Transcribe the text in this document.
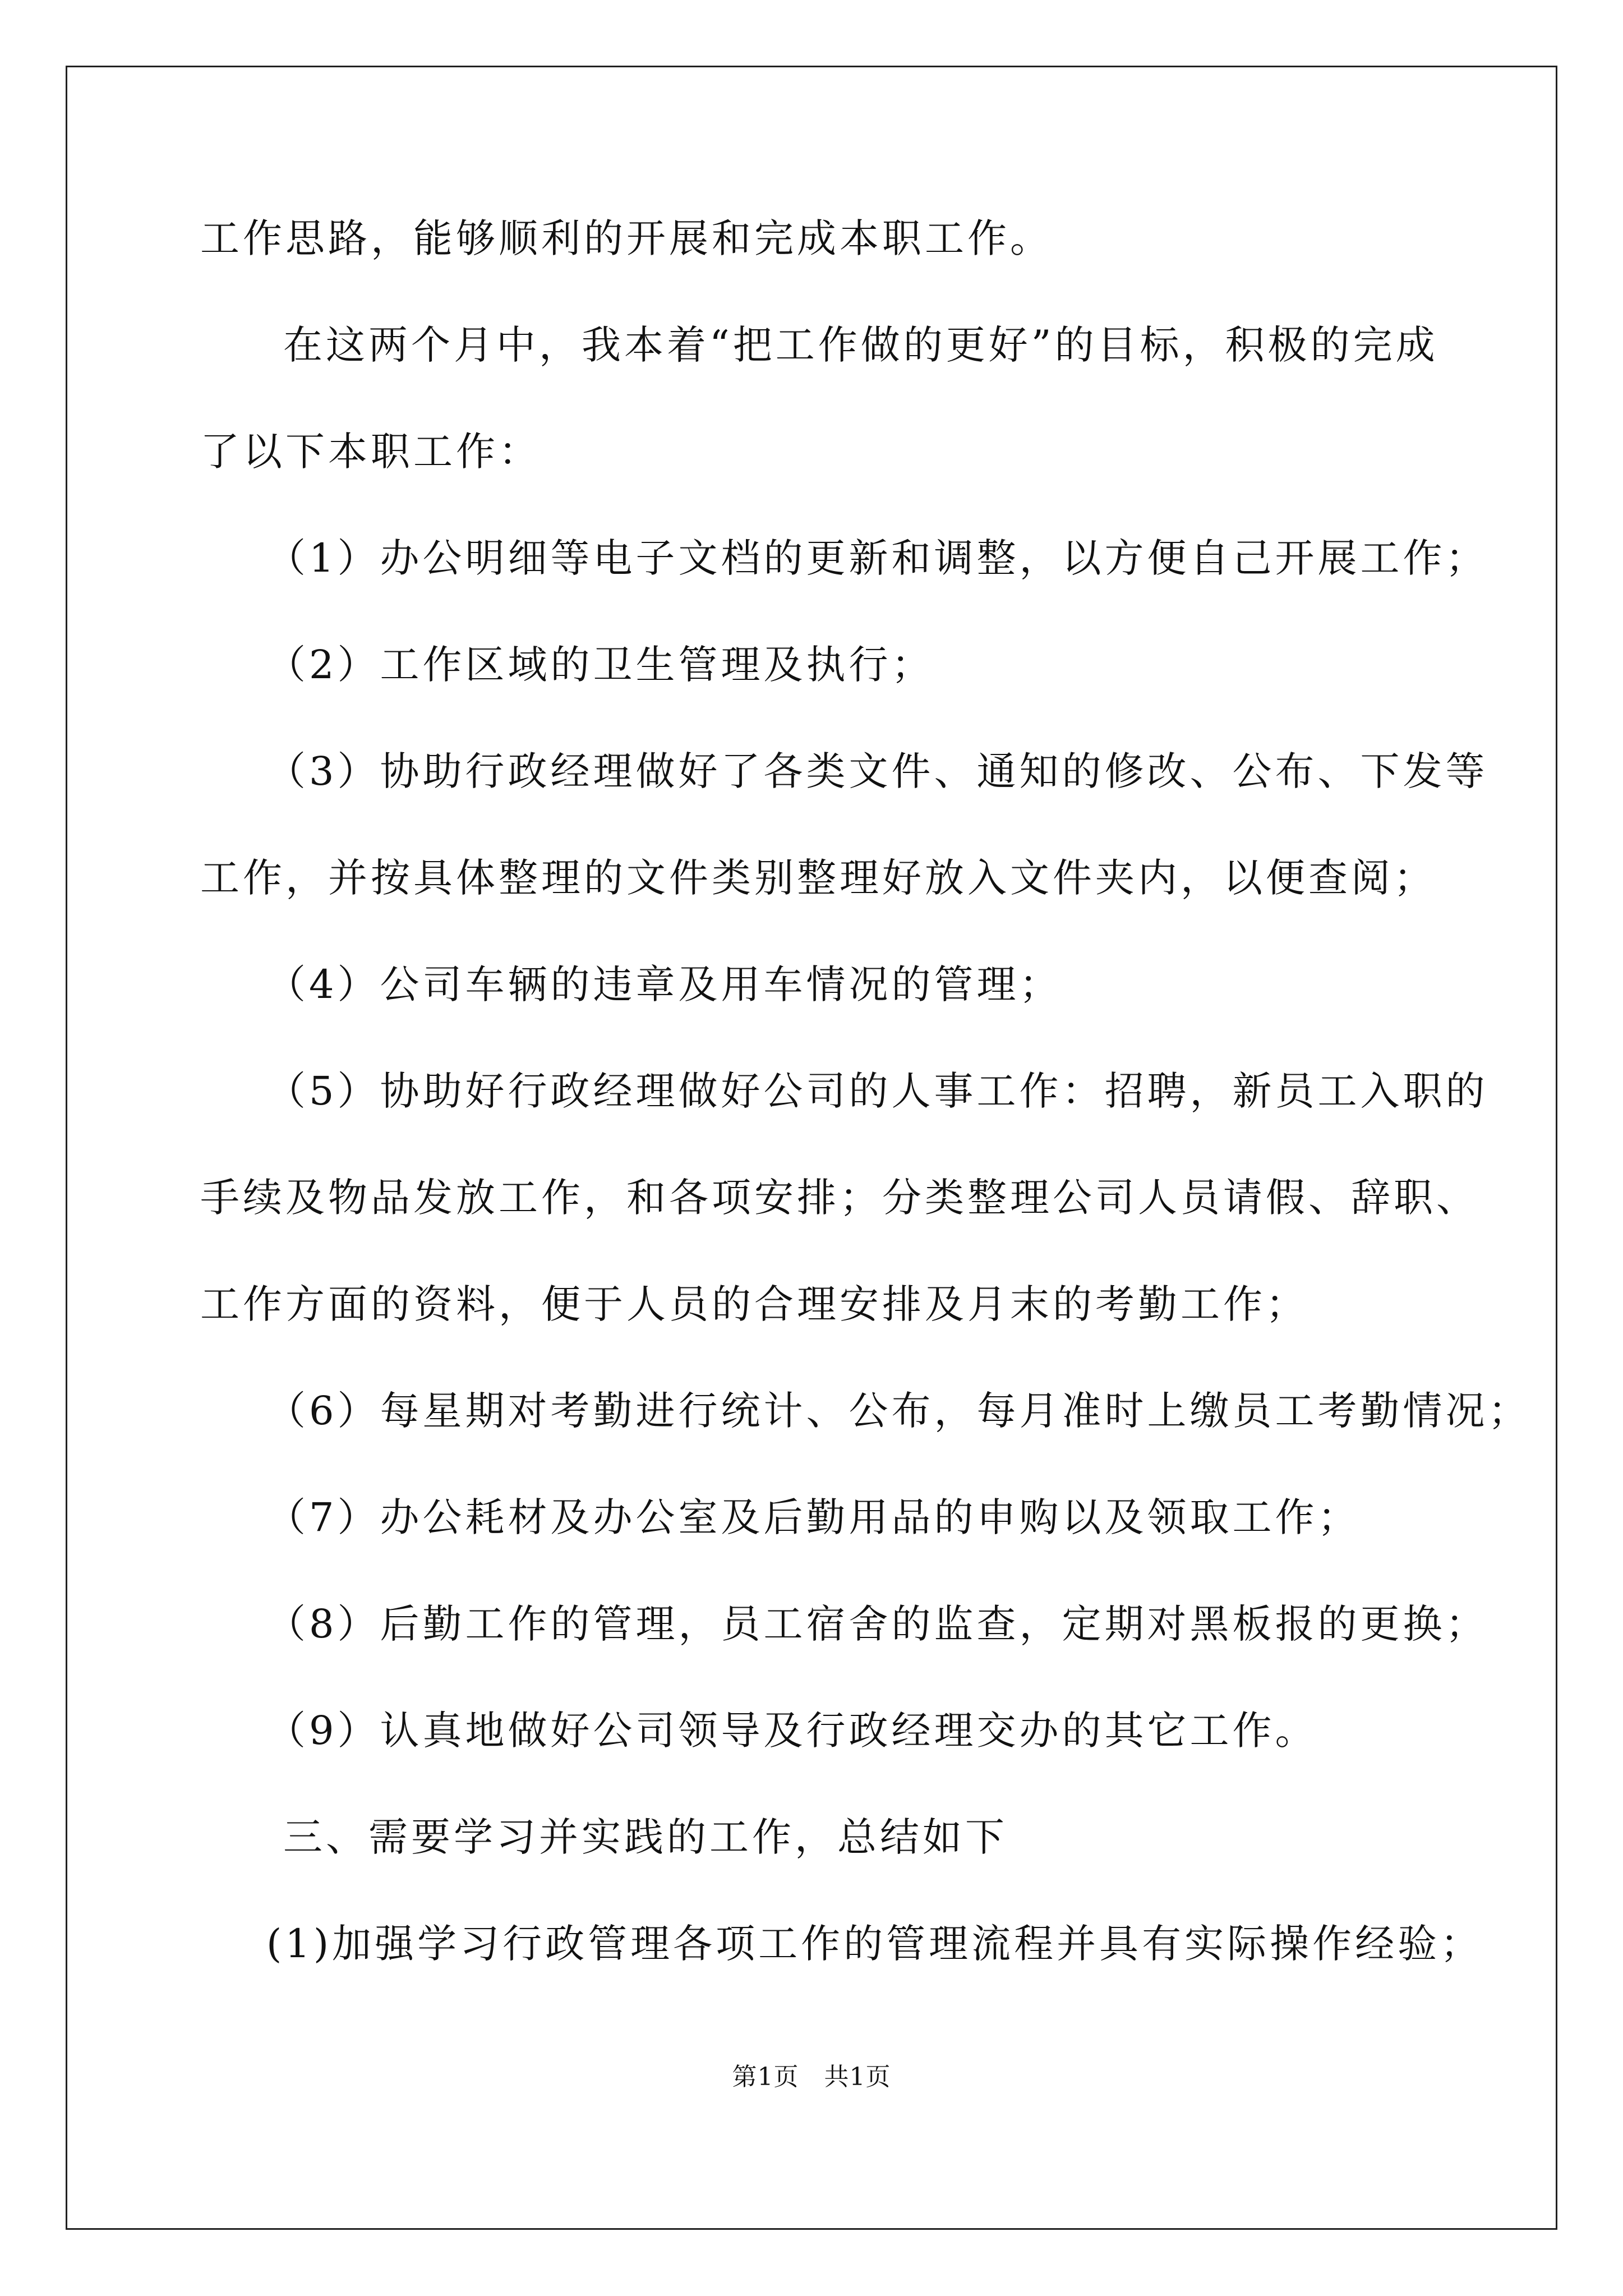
工作思路，能够顺利的开展和完成本职工作。
在这两个月中，我本着“把工作做的更好”的目标，积极的完成
了以下本职工作：
（1）办公明细等电子文档的更新和调整，以方便自己开展工作；
（2）工作区域的卫生管理及执行；
（3）协助行政经理做好了各类文件、通知的修改、公布、下发等
工作，并按具体整理的文件类别整理好放入文件夹内，以便查阅；
（4）公司车辆的违章及用车情况的管理；
（5）协助好行政经理做好公司的人事工作：招聘，新员工入职的
手续及物品发放工作，和各项安排；分类整理公司人员请假、辞职、
工作方面的资料，便于人员的合理安排及月末的考勤工作；
（6）每星期对考勤进行统计、公布，每月准时上缴员工考勤情况；
（7）办公耗材及办公室及后勤用品的申购以及领取工作；
（8）后勤工作的管理，员工宿舍的监查，定期对黑板报的更换；
（9）认真地做好公司领导及行政经理交办的其它工作。
三、需要学习并实践的工作，总结如下
(1)加强学习行政管理各项工作的管理流程并具有实际操作经验；
第1页　共1页
